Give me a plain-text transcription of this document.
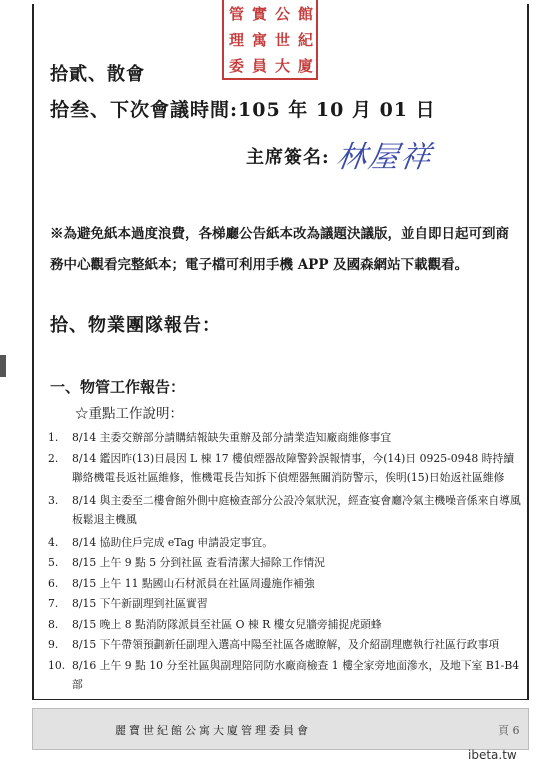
管 實 公 館
理 寓 世 紀
委 員 大 廈
拾貳、散會
拾叁、下次會議時間:105 年 10 月 01 日
主席簽名: 林屋祥
※為避免紙本過度浪費，各梯廳公告紙本改為議題決議版，並自即日起可到商務中心觀看完整紙本；電子檔可利用手機 APP 及國森網站下載觀看。
拾、物業團隊報告：
一、物管工作報告：
☆重點工作說明：
1. 8/14 主委交辦部分請購結報缺失重辦及部分請業造知廠商維修事宜
2. 8/14 鑑因昨(13)日晨因 L 棟 17 樓偵煙器故障警鈴誤報情事，今(14)日 0925-0948 時持續聯絡機電長返社區維修，惟機電長告知拆下偵煙器無關消防警示，俟明(15)日始返社區維修
3. 8/14 與主委至二樓會館外側中庭檢查部分公設冷氣狀況，經查宴會廳冷氣主機噪音係來自導風板鬆退主機風
4. 8/14 協助住戶完成 eTag 申請設定事宜。
5. 8/15 上午 9 點 5 分到社區 查看清潔大掃除工作情況
6. 8/15 上午 11 點國山石材派員在社區周邊施作補強
7. 8/15 下午新副理到社區實習
8. 8/15 晚上 8 點消防隊派員至社區 O 棟 R 樓女兒牆旁捕捉虎頭蜂
9. 8/15 下午帶領預劃新任副理入選高中陽至社區各處瞭解，及介紹副理應執行社區行政事項
10. 8/16 上午 9 點 10 分至社區與副理陪同防水廠商檢查 1 樓全家旁地面滲水，及地下室 B1-B4 部
麗寶世紀館公寓大廈管理委員會	頁 6
ibeta.tw
